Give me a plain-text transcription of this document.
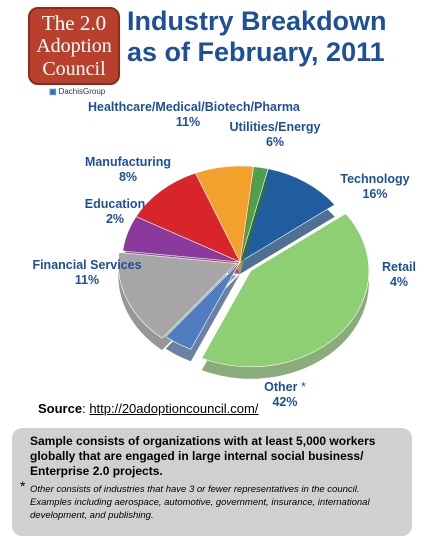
The 2.0
Adoption
Council
▣ DachisGroup
Industry Breakdown
as of February, 2011
Healthcare/Medical/Biotech/Pharma
11%	Utilities/Energy
6%
Manufacturing
8%	Technology
16%
Education
2%
Financial Services
11%
Retail
4%
Other *
42%
Source: http://20adoptioncouncil.com/
Sample consists of organizations with at least 5,000 workers globally that are engaged in large internal social business/ Enterprise 2.0 projects.
* Other consists of industries that have 3 or fewer representatives in the council. Examples including aerospace, automotive, government, insurance, international development, and publishing.
